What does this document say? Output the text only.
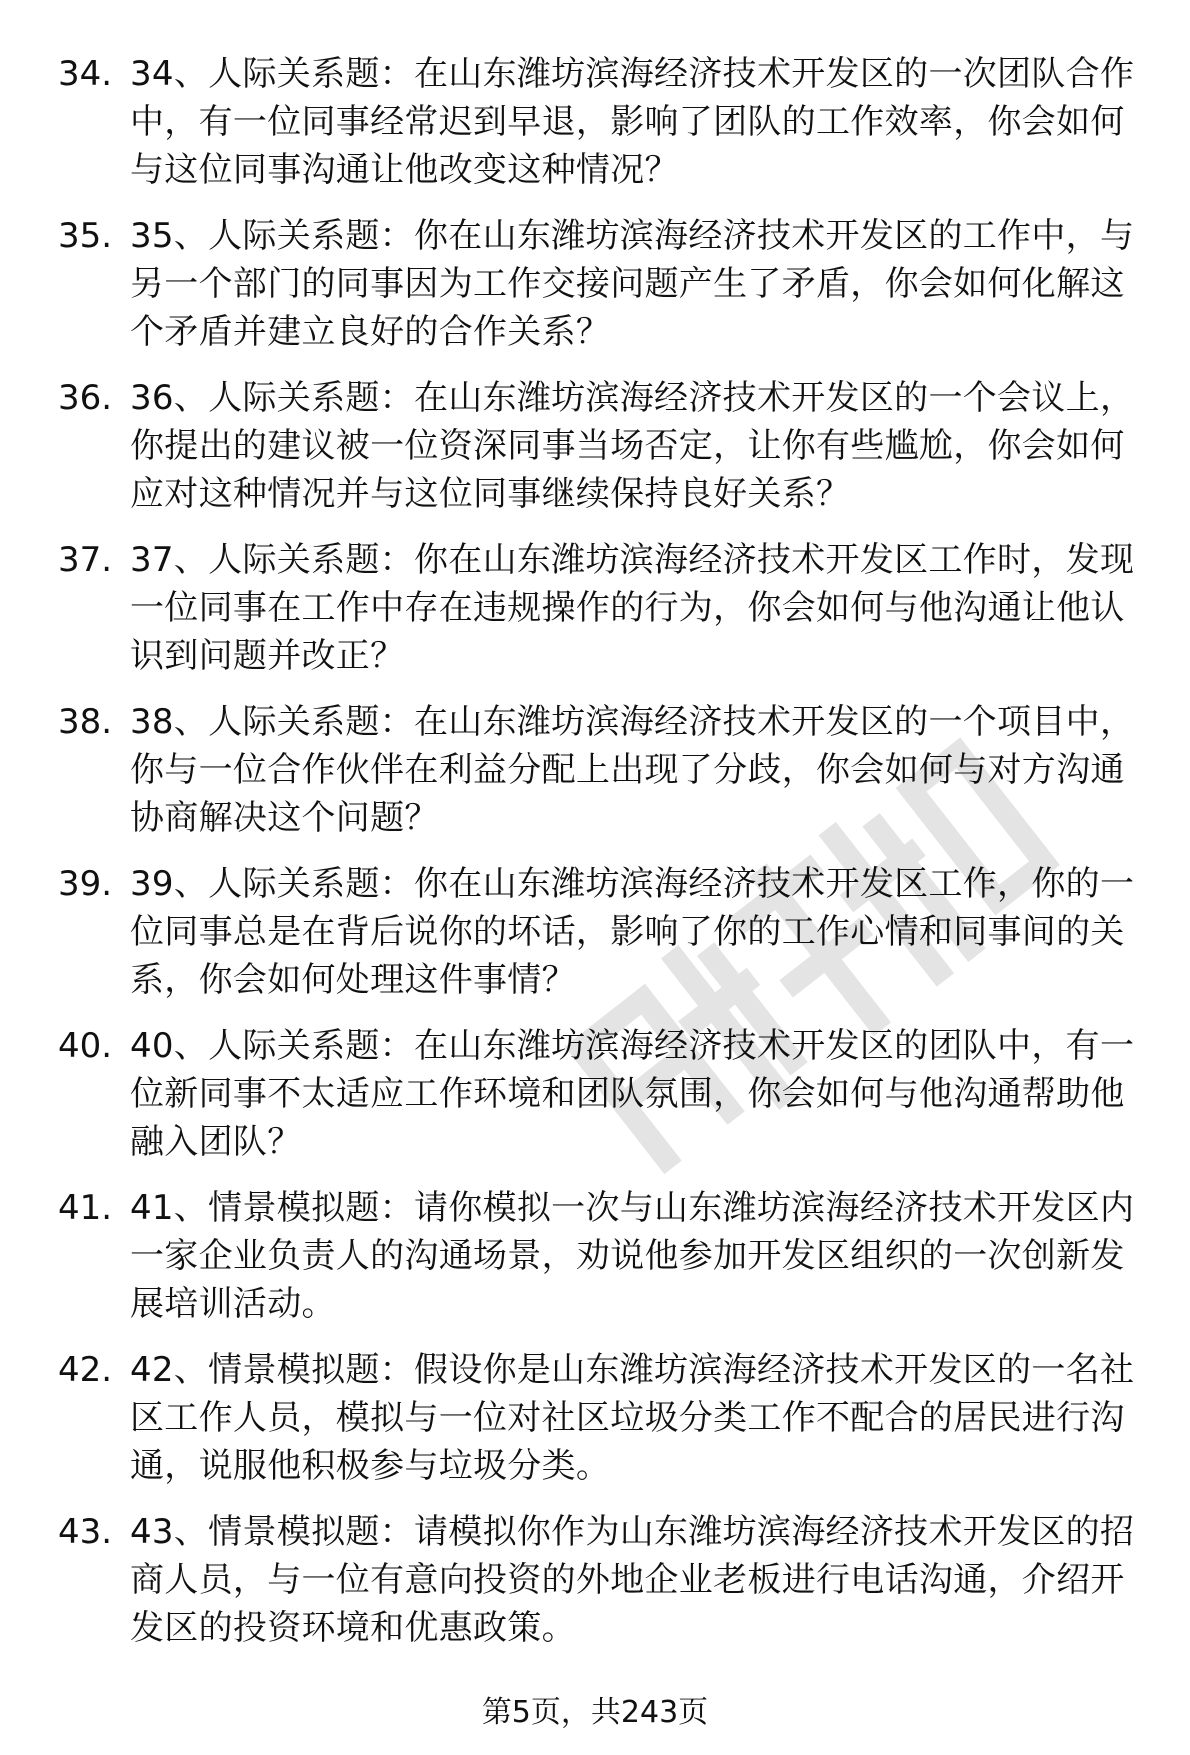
34. 34、人际关系题：在山东潍坊滨海经济技术开发区的一次团队合作中，有一位同事经常迟到早退，影响了团队的工作效率，你会如何与这位同事沟通让他改变这种情况？
35. 35、人际关系题：你在山东潍坊滨海经济技术开发区的工作中，与另一个部门的同事因为工作交接问题产生了矛盾，你会如何化解这个矛盾并建立良好的合作关系？
36. 36、人际关系题：在山东潍坊滨海经济技术开发区的一个会议上，你提出的建议被一位资深同事当场否定，让你有些尴尬，你会如何应对这种情况并与这位同事继续保持良好关系？
37. 37、人际关系题：你在山东潍坊滨海经济技术开发区工作时，发现一位同事在工作中存在违规操作的行为，你会如何与他沟通让他认识到问题并改正？
38. 38、人际关系题：在山东潍坊滨海经济技术开发区的一个项目中，你与一位合作伙伴在利益分配上出现了分歧，你会如何与对方沟通协商解决这个问题？
39. 39、人际关系题：你在山东潍坊滨海经济技术开发区工作，你的一位同事总是在背后说你的坏话，影响了你的工作心情和同事间的关系，你会如何处理这件事情？
40. 40、人际关系题：在山东潍坊滨海经济技术开发区的团队中，有一位新同事不太适应工作环境和团队氛围，你会如何与他沟通帮助他融入团队？
41. 41、情景模拟题：请你模拟一次与山东潍坊滨海经济技术开发区内一家企业负责人的沟通场景，劝说他参加开发区组织的一次创新发展培训活动。
42. 42、情景模拟题：假设你是山东潍坊滨海经济技术开发区的一名社区工作人员，模拟与一位对社区垃圾分类工作不配合的居民进行沟通，说服他积极参与垃圾分类。
43. 43、情景模拟题：请模拟你作为山东潍坊滨海经济技术开发区的招商人员，与一位有意向投资的外地企业老板进行电话沟通，介绍开发区的投资环境和优惠政策。
第5页，共243页
